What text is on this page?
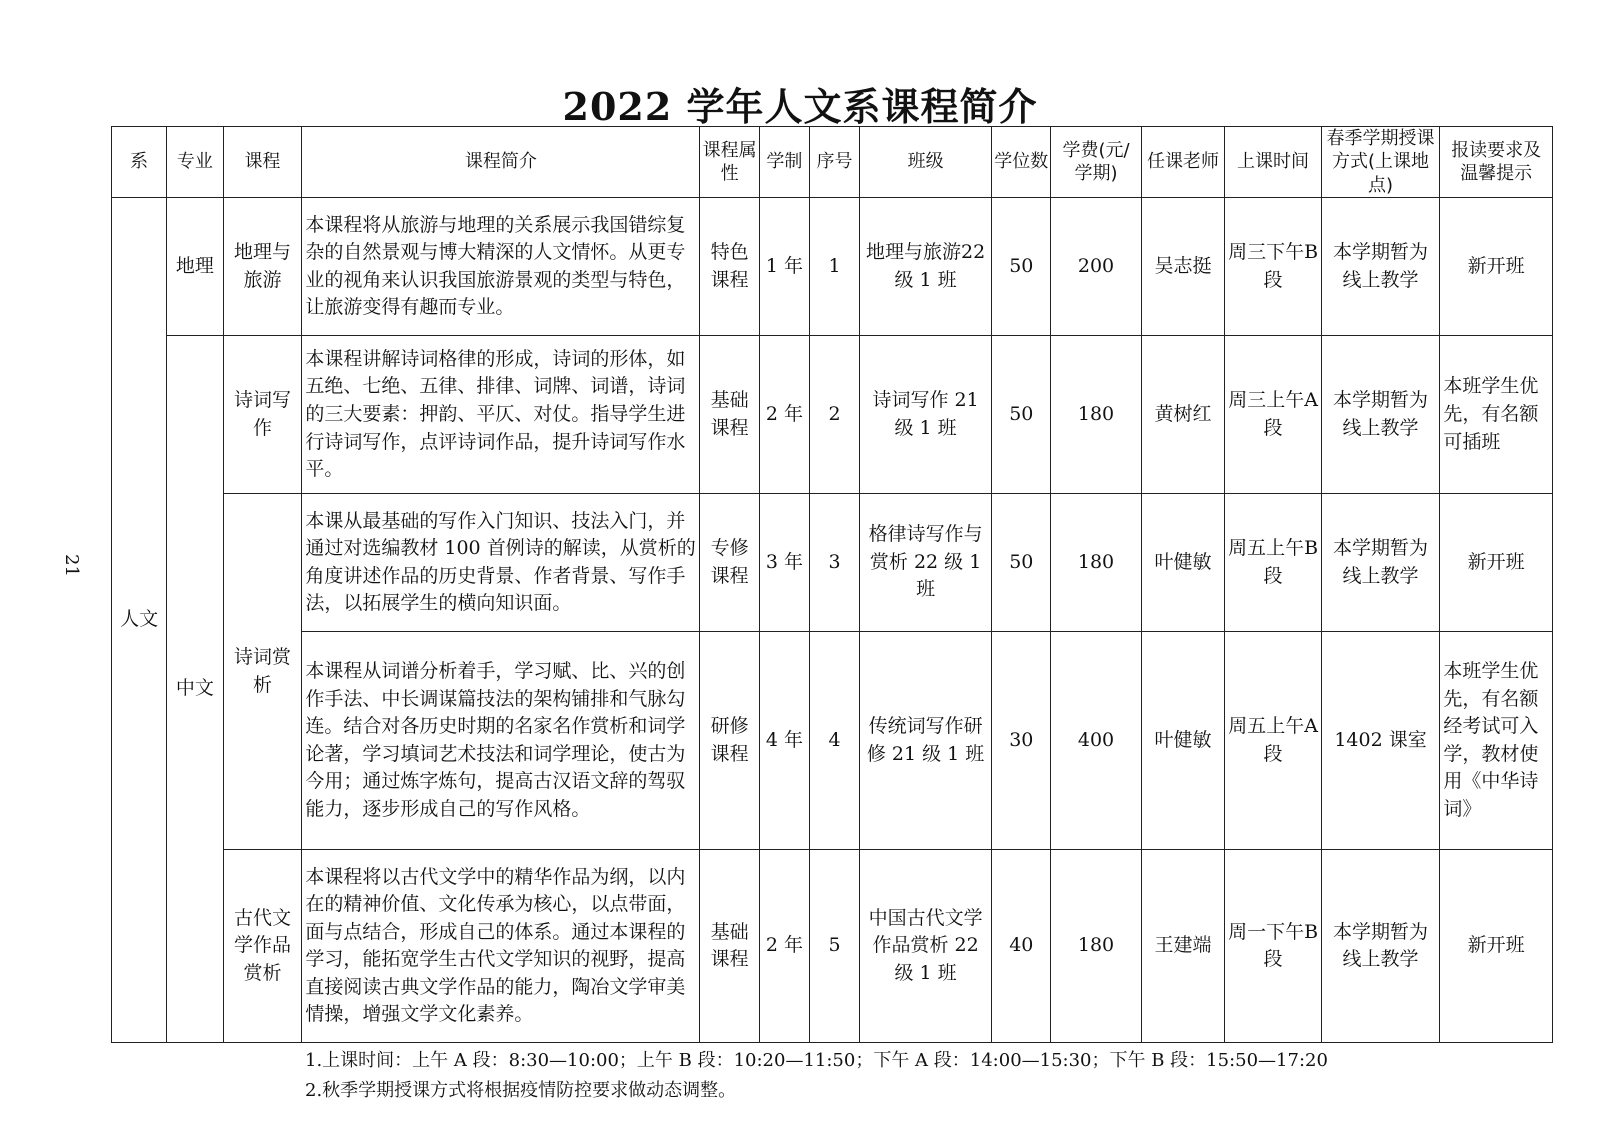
2022 学年人文系课程简介
21
系	专业	课程	课程简介	课程属性	学制	序号	班级	学位数	学费(元/学期)	任课老师	上课时间	春季学期授课方式(上课地点)	报读要求及温馨提示
人文	地理	地理与旅游	本课程将从旅游与地理的关系展示我国错综复杂的自然景观与博大精深的人文情怀。从更专业的视角来认识我国旅游景观的类型与特色，让旅游变得有趣而专业。	特色课程	1 年	1	地理与旅游22 级 1 班	50	200	吴志挺	周三下午B 段	本学期暂为线上教学	新开班
	中文	诗词写作	本课程讲解诗词格律的形成，诗词的形体，如五绝、七绝、五律、排律、词牌、词谱，诗词的三大要素：押韵、平仄、对仗。指导学生进行诗词写作，点评诗词作品，提升诗词写作水平。	基础课程	2 年	2	诗词写作 21 级 1 班	50	180	黄树红	周三上午A 段	本学期暂为线上教学	本班学生优先，有名额可插班
		诗词赏析	本课从最基础的写作入门知识、技法入门，并通过对选编教材 100 首例诗的解读，从赏析的角度讲述作品的历史背景、作者背景、写作手法，以拓展学生的横向知识面。	专修课程	3 年	3	格律诗写作与赏析 22 级 1 班	50	180	叶健敏	周五上午B 段	本学期暂为线上教学	新开班
			本课程从词谱分析着手，学习赋、比、兴的创作手法、中长调谋篇技法的架构铺排和气脉勾连。结合对各历史时期的名家名作赏析和词学论著，学习填词艺术技法和词学理论，使古为今用；通过炼字炼句，提高古汉语文辞的驾驭能力，逐步形成自己的写作风格。	研修课程	4 年	4	传统词写作研修 21 级 1 班	30	400	叶健敏	周五上午A 段	1402 课室	本班学生优先，有名额经考试可入学，教材使用《中华诗词》
		古代文学作品赏析	本课程将以古代文学中的精华作品为纲，以内在的精神价值、文化传承为核心，以点带面，面与点结合，形成自己的体系。通过本课程的学习，能拓宽学生古代文学知识的视野，提高直接阅读古典文学作品的能力，陶冶文学审美情操，增强文学文化素养。	基础课程	2 年	5	中国古代文学作品赏析 22 级 1 班	40	180	王建端	周一下午B 段	本学期暂为线上教学	新开班
1.上课时间：上午 A 段：8:30—10:00；上午 B 段：10:20—11:50；下午 A 段：14:00—15:30；下午 B 段：15:50—17:20
2.秋季学期授课方式将根据疫情防控要求做动态调整。
